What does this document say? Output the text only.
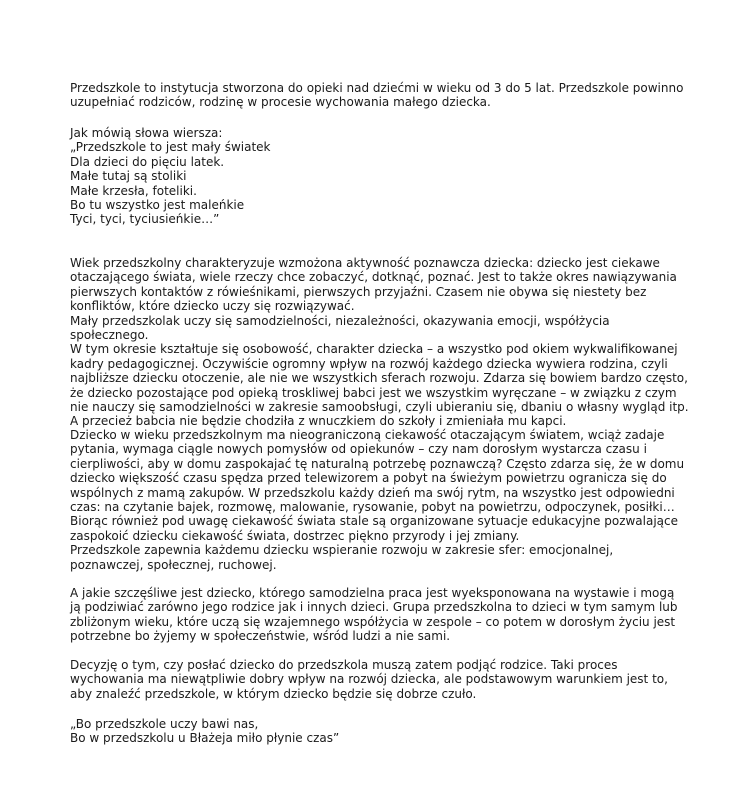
Przedszkole to instytucja stworzona do opieki nad dziećmi w wieku od 3 do 5 lat. Przedszkole powinno
uzupełniać rodziców, rodzinę w procesie wychowania małego dziecka.

Jak mówią słowa wiersza:
„Przedszkole to jest mały światek
Dla dzieci do pięciu latek.
Małe tutaj są stoliki
Małe krzesła, foteliki.
Bo tu wszystko jest maleńkie
Tyci, tyci, tyciusieńkie…”

Wiek przedszkolny charakteryzuje wzmożona aktywność poznawcza dziecka: dziecko jest ciekawe
otaczającego świata, wiele rzeczy chce zobaczyć, dotknąć, poznać. Jest to także okres nawiązywania
pierwszych kontaktów z rówieśnikami, pierwszych przyjaźni. Czasem nie obywa się niestety bez
konfliktów, które dziecko uczy się rozwiązywać.
Mały przedszkolak uczy się samodzielności, niezależności, okazywania emocji, współżycia społecznego.
W tym okresie kształtuje się osobowość, charakter dziecka – a wszystko pod okiem wykwalifikowanej
kadry pedagogicznej. Oczywiście ogromny wpływ na rozwój każdego dziecka wywiera rodzina, czyli
najbliższe dziecku otoczenie, ale nie we wszystkich sferach rozwoju. Zdarza się bowiem bardzo często,
że dziecko pozostające pod opieką troskliwej babci jest we wszystkim wyręczane – w związku z czym
nie nauczy się samodzielności w zakresie samoobsługi, czyli ubieraniu się, dbaniu o własny wygląd itp.
A przecież babcia nie będzie chodziła z wnuczkiem do szkoły i zmieniała mu kapci.

Dziecko w wieku przedszkolnym ma nieograniczoną ciekawość otaczającym światem, wciąż zadaje
pytania, wymaga ciągle nowych pomysłów od opiekunów – czy nam dorosłym wystarcza czasu i
cierpliwości, aby w domu zaspokajać tę naturalną potrzebę poznawczą? Często zdarza się, że w domu
dziecko większość czasu spędza przed telewizorem a pobyt na świeżym powietrzu ogranicza się do
wspólnych z mamą zakupów. W przedszkolu każdy dzień ma swój rytm, na wszystko jest odpowiedni
czas: na czytanie bajek, rozmowę, malowanie, rysowanie, pobyt na powietrzu, odpoczynek, posiłki…
Biorąc również pod uwagę ciekawość świata stale są organizowane sytuacje edukacyjne pozwalające
zaspokoić dziecku ciekawość świata, dostrzec piękno przyrody i jej zmiany.
Przedszkole zapewnia każdemu dziecku wspieranie rozwoju w zakresie sfer: emocjonalnej,
poznawczej, społecznej, ruchowej.

A jakie szczęśliwe jest dziecko, którego samodzielna praca jest wyeksponowana na wystawie i mogą
ją podziwiać zarówno jego rodzice jak i innych dzieci. Grupa przedszkolna to dzieci w tym samym lub
zbliżonym wieku, które uczą się wzajemnego współżycia w zespole – co potem w dorosłym życiu jest
potrzebne bo żyjemy w społeczeństwie, wśród ludzi a nie sami.

Decyzję o tym, czy posłać dziecko do przedszkola muszą zatem podjąć rodzice. Taki proces
wychowania ma niewątpliwie dobry wpływ na rozwój dziecka, ale podstawowym warunkiem jest to,
aby znaleźć przedszkole, w którym dziecko będzie się dobrze czuło.

„Bo przedszkole uczy bawi nas,
Bo w przedszkolu u Błażeja miło płynie czas”
